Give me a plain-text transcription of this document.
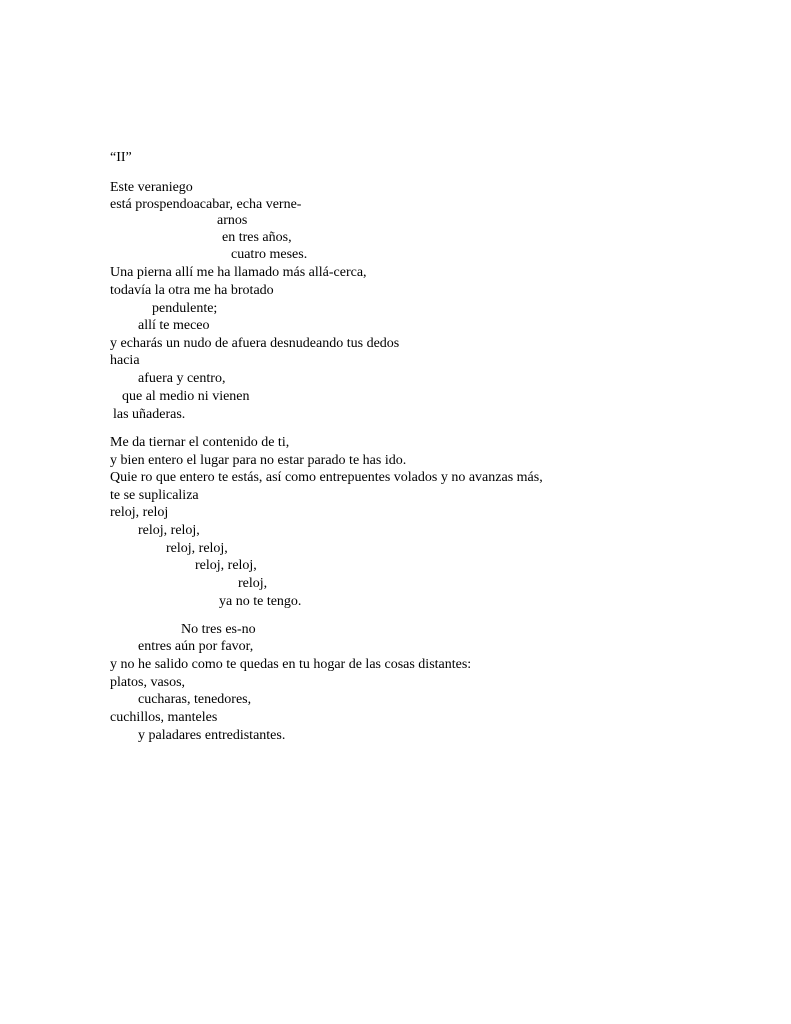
“II”
Este veraniego
está prospendoacabar, echa verne-
arnos
en tres años,
cuatro meses.
Una pierna allí me ha llamado más allá-cerca,
todavía la otra me ha brotado
pendulente;
allí te meceo
y echarás un nudo de afuera desnudeando tus dedos
hacia
afuera y centro,
que al medio ni vienen
las uñaderas.
Me da tiernar el contenido de ti,
y bien entero el lugar para no estar parado te has ido.
Quie ro que entero te estás, así como entrepuentes volados y no avanzas más,
te se suplicaliza
reloj, reloj
reloj, reloj,
reloj, reloj,
reloj, reloj,
reloj,
ya no te tengo.
No tres es-no
entres aún por favor,
y no he salido como te quedas en tu hogar de las cosas distantes:
platos, vasos,
cucharas, tenedores,
cuchillos, manteles
y paladares entredistantes.
